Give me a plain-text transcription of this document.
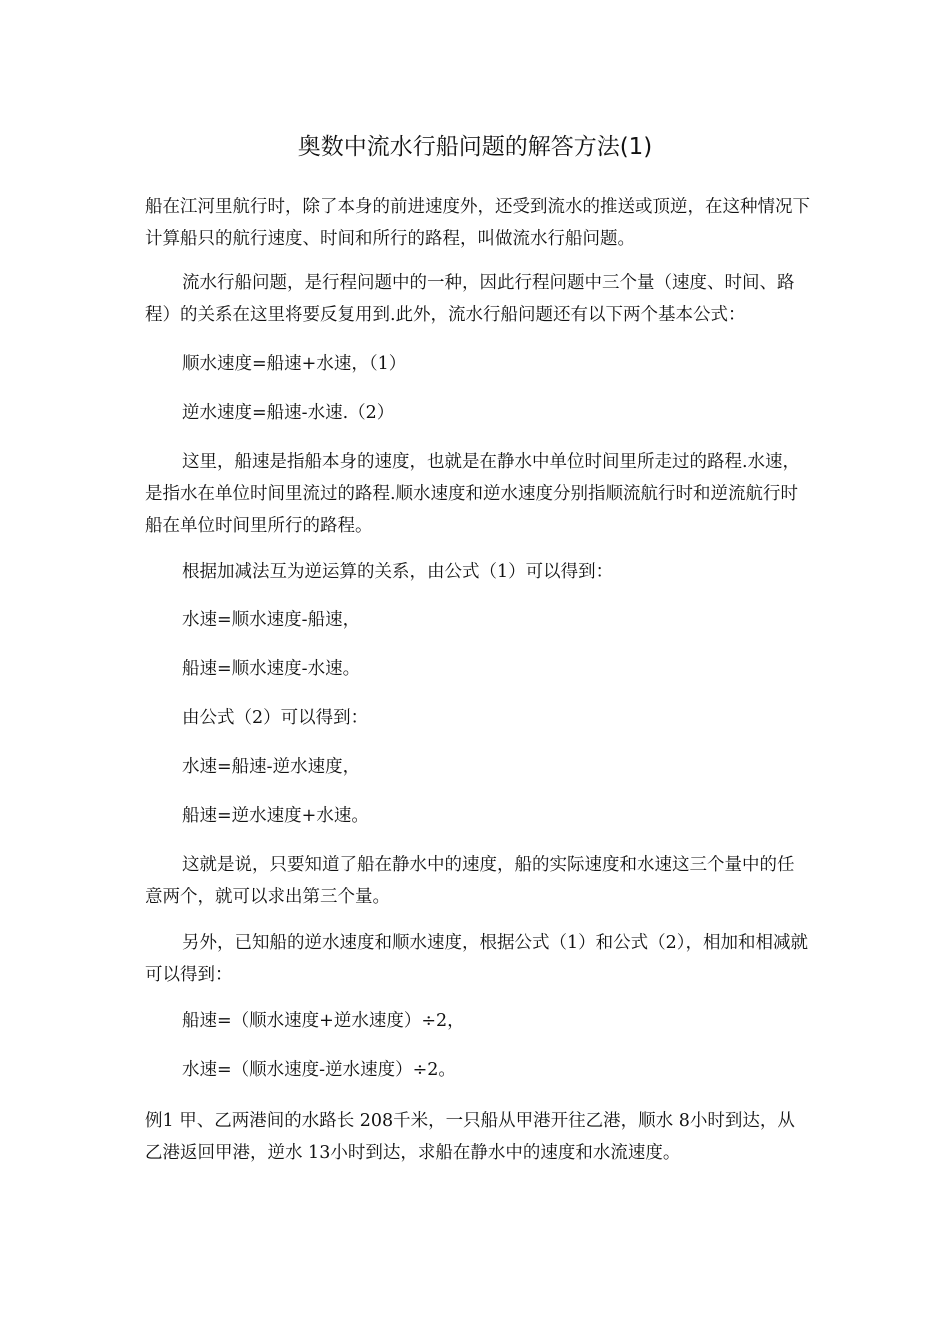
奥数中流水行船问题的解答方法(1)
船在江河里航行时，除了本身的前进速度外，还受到流水的推送或顶逆，在这种情况下计算船只的航行速度、时间和所行的路程，叫做流水行船问题。
流水行船问题，是行程问题中的一种，因此行程问题中三个量（速度、时间、路程）的关系在这里将要反复用到.此外，流水行船问题还有以下两个基本公式：
顺水速度=船速+水速，（1）
逆水速度=船速-水速.（2）
这里，船速是指船本身的速度，也就是在静水中单位时间里所走过的路程.水速，是指水在单位时间里流过的路程.顺水速度和逆水速度分别指顺流航行时和逆流航行时船在单位时间里所行的路程。
根据加减法互为逆运算的关系，由公式（1）可以得到：
水速=顺水速度-船速，
船速=顺水速度-水速。
由公式（2）可以得到：
水速=船速-逆水速度，
船速=逆水速度+水速。
这就是说，只要知道了船在静水中的速度，船的实际速度和水速这三个量中的任意两个，就可以求出第三个量。
另外，已知船的逆水速度和顺水速度，根据公式（1）和公式（2），相加和相减就可以得到：
船速=（顺水速度+逆水速度）÷2，
水速=（顺水速度-逆水速度）÷2。
例1 甲、乙两港间的水路长 208千米，一只船从甲港开往乙港，顺水 8小时到达，从乙港返回甲港，逆水 13小时到达，求船在静水中的速度和水流速度。
